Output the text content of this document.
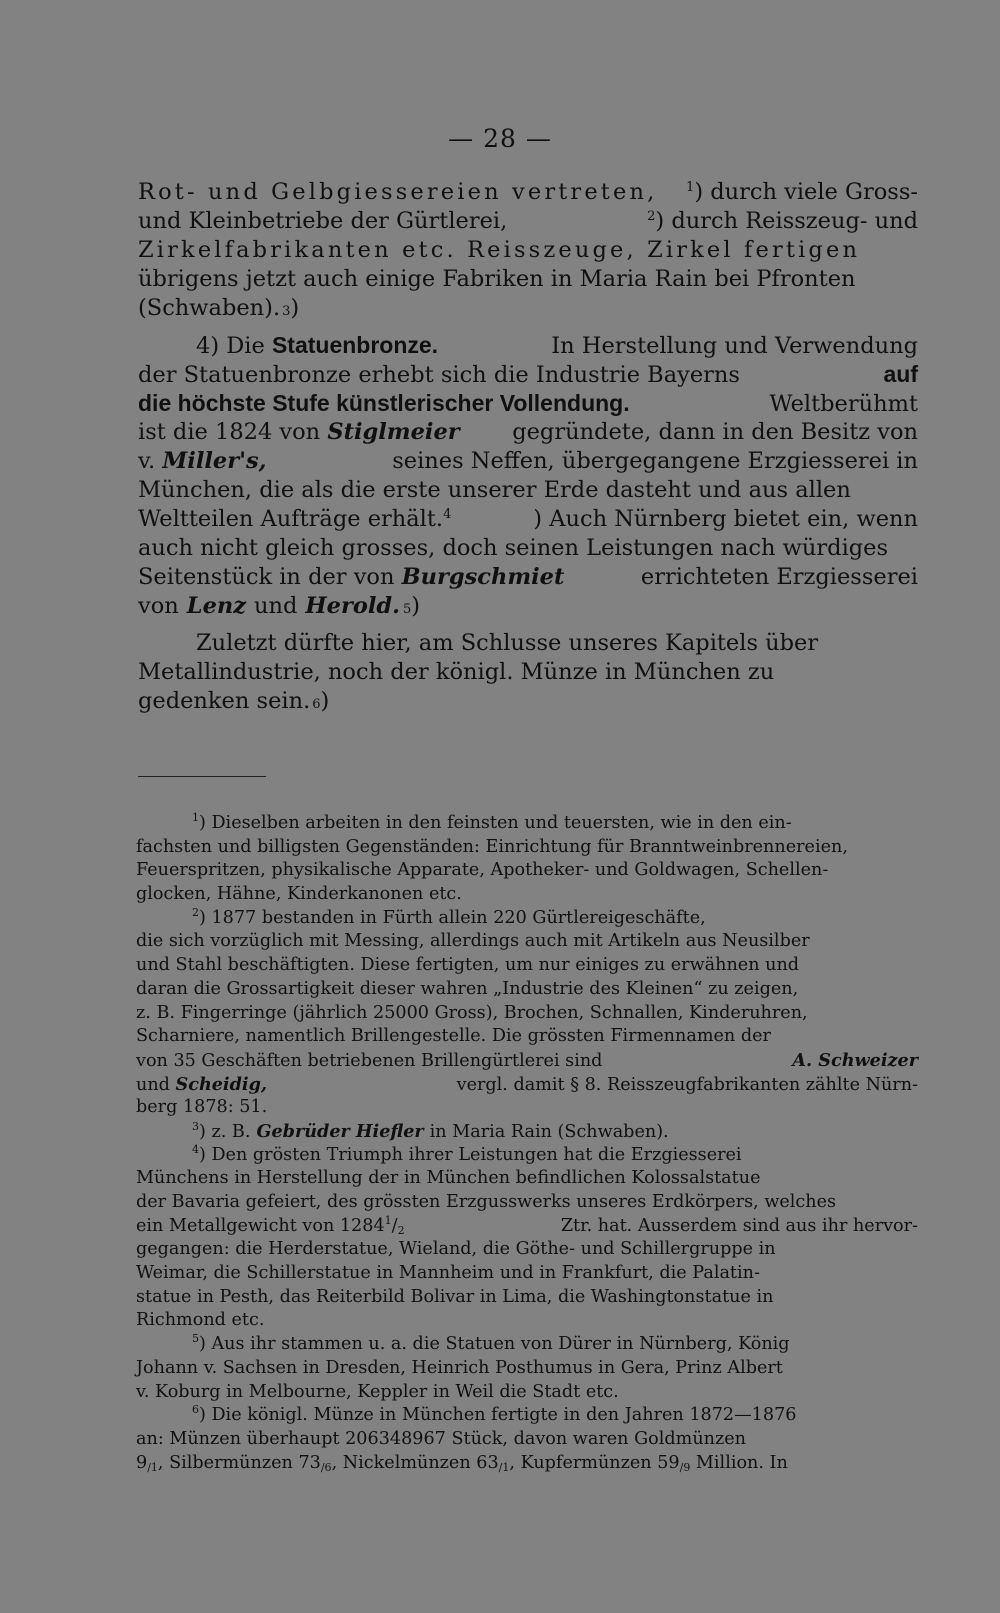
— 28 —
Rot- und Gelbgiessereien vertreten, $^1$) durch viele Gross-
und Kleinbetriebe der Gürtlerei,	$^2$) durch Reisszeug- und
Zirkelfabrikanten etc. Reisszeuge, Zirkel fertigen
übrigens jetzt auch einige Fabriken in Maria Rain bei Pfronten
(Schwaben). 3 )
4) Die Statuenbronze.	In Herstellung und Verwendung
der Statuenbronze erhebt sich die Industrie Bayerns	auf
die höchste Stufe künstlerischer Vollendung.	Weltberühmt
ist die 1824 von Stiglmeier gegründete, dann in den Besitz von
v. Miller's,	seines Neffen, übergegangene Erzgiesserei in
München, die als die erste unserer Erde dasteht und aus allen
Weltteilen Aufträge erhält.$^4$	) Auch Nürnberg bietet ein, wenn
auch nicht gleich grosses, doch seinen Leistungen nach würdiges
Seitenstück in der von Burgschmiet	errichteten Erzgiesserei
von Lenz und Herold. 5 )
Zuletzt dürfte hier, am Schlusse unseres Kapitels über
Metallindustrie, noch der königl. Münze in München zu
gedenken sein. 6 )
$^1$) Dieselben arbeiten in den feinsten und teuersten, wie in den ein-
fachsten und billigsten Gegenständen: Einrichtung für Branntweinbrennereien,
Feuerspritzen, physikalische Apparate, Apotheker- und Goldwagen, Schellen-
glocken, Hähne, Kinderkanonen etc.
$^2$) 1877 bestanden in Fürth allein 220 Gürtlereigeschäfte,
die sich vorzüglich mit Messing, allerdings auch mit Artikeln aus Neusilber
und Stahl beschäftigten. Diese fertigten, um nur einiges zu erwähnen und
daran die Grossartigkeit dieser wahren „Industrie des Kleinen“ zu zeigen,
z. B. Fingerringe (jährlich 25000 Gross), Brochen, Schnallen, Kinderuhren,
Scharniere, namentlich Brillengestelle. Die grössten Firmennamen der
von 35 Geschäften betriebenen Brillengürtlerei sind	A. Schweizer
und Scheidig,	vergl. damit § 8. Reisszeugfabrikanten zählte Nürn-
berg 1878: 51.
$^3$) z. B. Gebrüder Hiefler in Maria Rain (Schwaben).
$^4$) Den grösten Triumph ihrer Leistungen hat die Erzgiesserei
Münchens in Herstellung der in München befindlichen Kolossalstatue
der Bavaria gefeiert, des grössten Erzgusswerks unseres Erdkörpers, welches
ein Metallgewicht von $1284^1/_2$	Ztr. hat. Ausserdem sind aus ihr hervor-
gegangen: die Herderstatue, Wieland, die Göthe- und Schillergruppe in
Weimar, die Schillerstatue in Mannheim und in Frankfurt, die Palatin-
statue in Pesth, das Reiterbild Bolivar in Lima, die Washingtonstatue in
Richmond etc.
$^5$) Aus ihr stammen u. a. die Statuen von Dürer in Nürnberg, König
Johann v. Sachsen in Dresden, Heinrich Posthumus in Gera, Prinz Albert
v. Koburg in Melbourne, Keppler in Weil die Stadt etc.
$^6$) Die königl. Münze in München fertigte in den Jahren 1872—1876
an: Münzen überhaupt 206348967 Stück, davon waren Goldmünzen
$9_{/1}$, Silbermünzen $73_{/6}$, Nickelmünzen $63_{/1}$, Kupfermünzen $59_{/9}$ Million. In
